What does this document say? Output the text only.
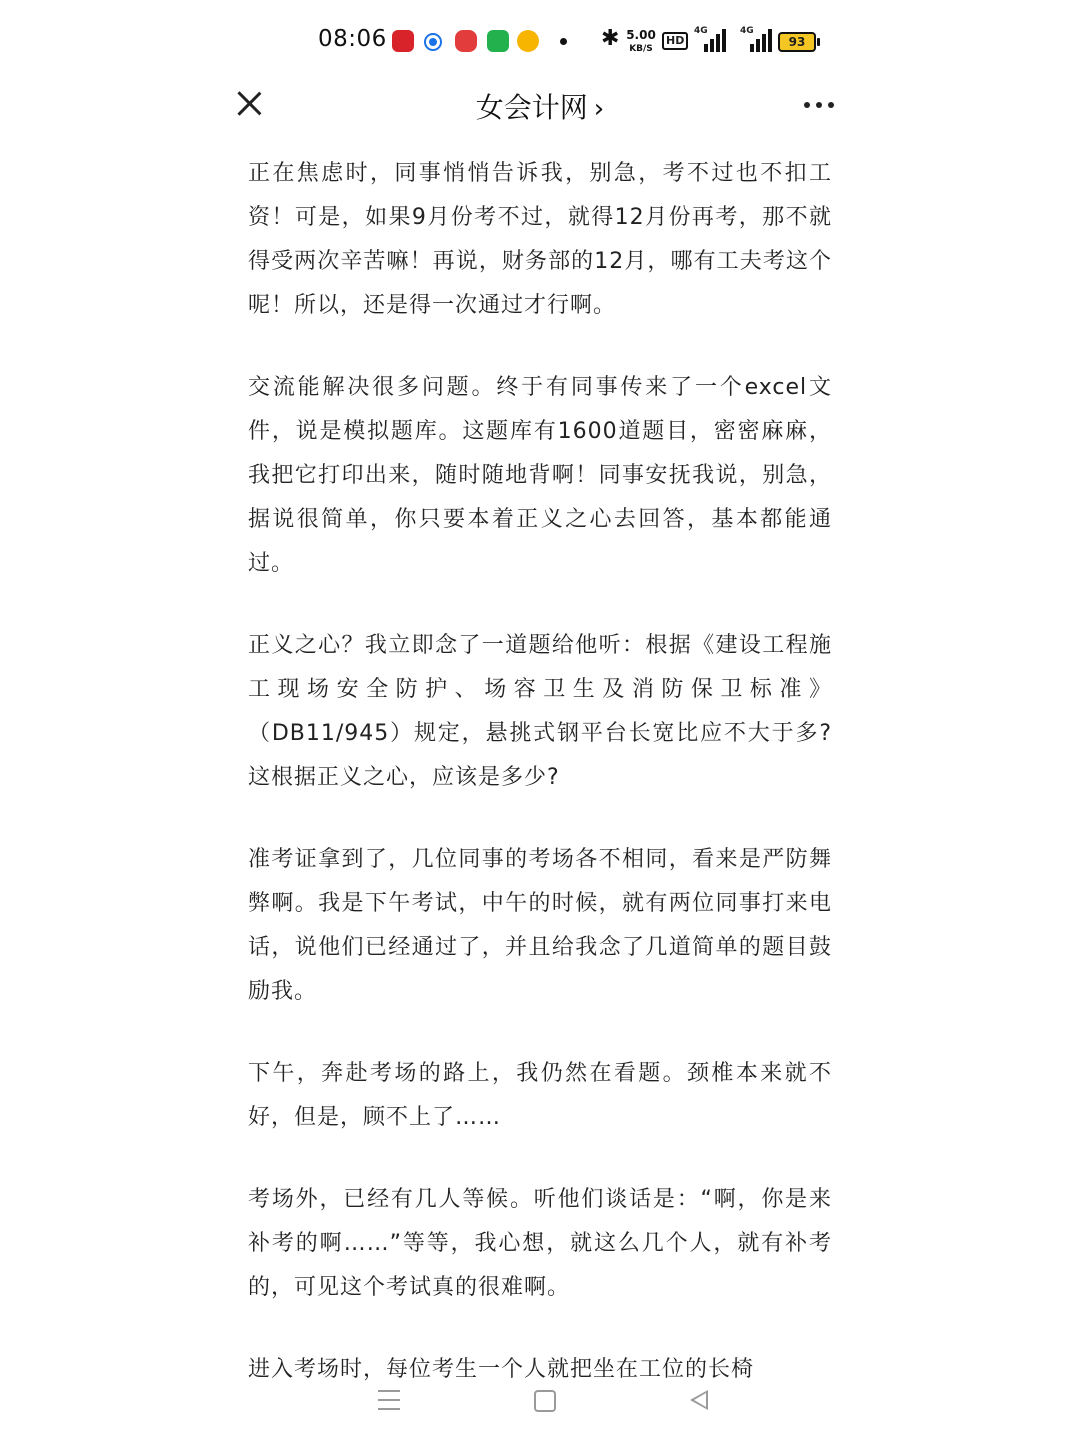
08:06	✱ 5.00
KB/S
HD
4G	4G
93
女会计网 ›

正在焦虑时，同事悄悄告诉我，别急，考不过也不扣工资！可是，如果9月份考不过，就得12月份再考，那不就得受两次辛苦嘛！再说，财务部的12月，哪有工夫考这个呢！所以，还是得一次通过才行啊。

交流能解决很多问题。终于有同事传来了一个excel文件，说是模拟题库。这题库有1600道题目，密密麻麻，我把它打印出来，随时随地背啊！同事安抚我说，别急，据说很简单，你只要本着正义之心去回答，基本都能通过。

正义之心？我立即念了一道题给他听：根据《建设工程施工现场安全防护、场容卫生及消防保卫标准》（DB11/945）规定，悬挑式钢平台长宽比应不大于多?这根据正义之心，应该是多少?

准考证拿到了，几位同事的考场各不相同，看来是严防舞弊啊。我是下午考试，中午的时候，就有两位同事打来电话，说他们已经通过了，并且给我念了几道简单的题目鼓励我。

下午，奔赴考场的路上，我仍然在看题。颈椎本来就不好，但是，顾不上了……

考场外，已经有几人等候。听他们谈话是：“啊，你是来补考的啊……”等等，我心想，就这么几个人，就有补考的，可见这个考试真的很难啊。

进入考场时，每位考生一个人就把坐在工位的长椅
